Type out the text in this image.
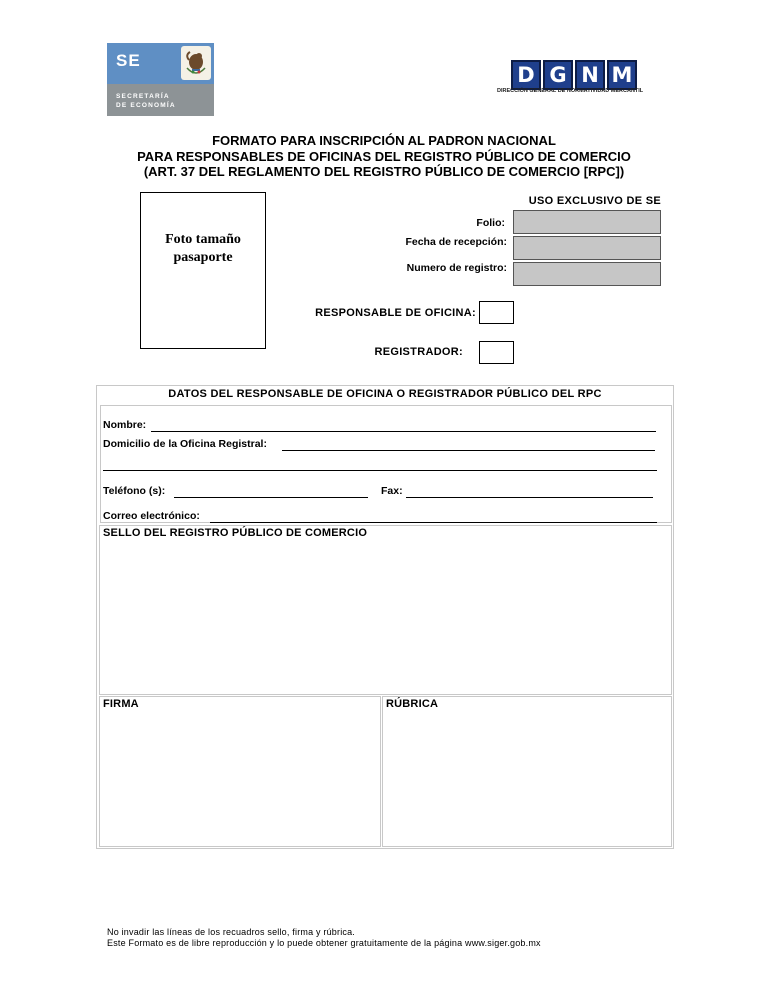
SE
SECRETARÍA
DE ECONOMÍA
D G N M
DIRECCIÓN GENERAL DE NORMATIVIDAD MERCANTIL
FORMATO PARA INSCRIPCIÓN AL PADRON NACIONAL
PARA RESPONSABLES DE OFICINAS DEL REGISTRO PÚBLICO DE COMERCIO
(ART. 37 DEL REGLAMENTO DEL REGISTRO PÚBLICO DE COMERCIO [RPC])
Foto tamaño
pasaporte
USO EXCLUSIVO DE SE
Folio:
Fecha de recepción:
Numero de registro:
RESPONSABLE DE OFICINA:
REGISTRADOR:
DATOS DEL RESPONSABLE DE OFICINA O REGISTRADOR PÚBLICO DEL RPC
Nombre:
Domicilio de la Oficina Registral:
Teléfono (s):	Fax:
Correo electrónico:
SELLO DEL REGISTRO PÚBLICO DE COMERCIO
FIRMA	RÚBRICA
No invadir las líneas de los recuadros sello, firma y rúbrica.
Este Formato es de libre reproducción y lo puede obtener gratuitamente de la página www.siger.gob.mx
